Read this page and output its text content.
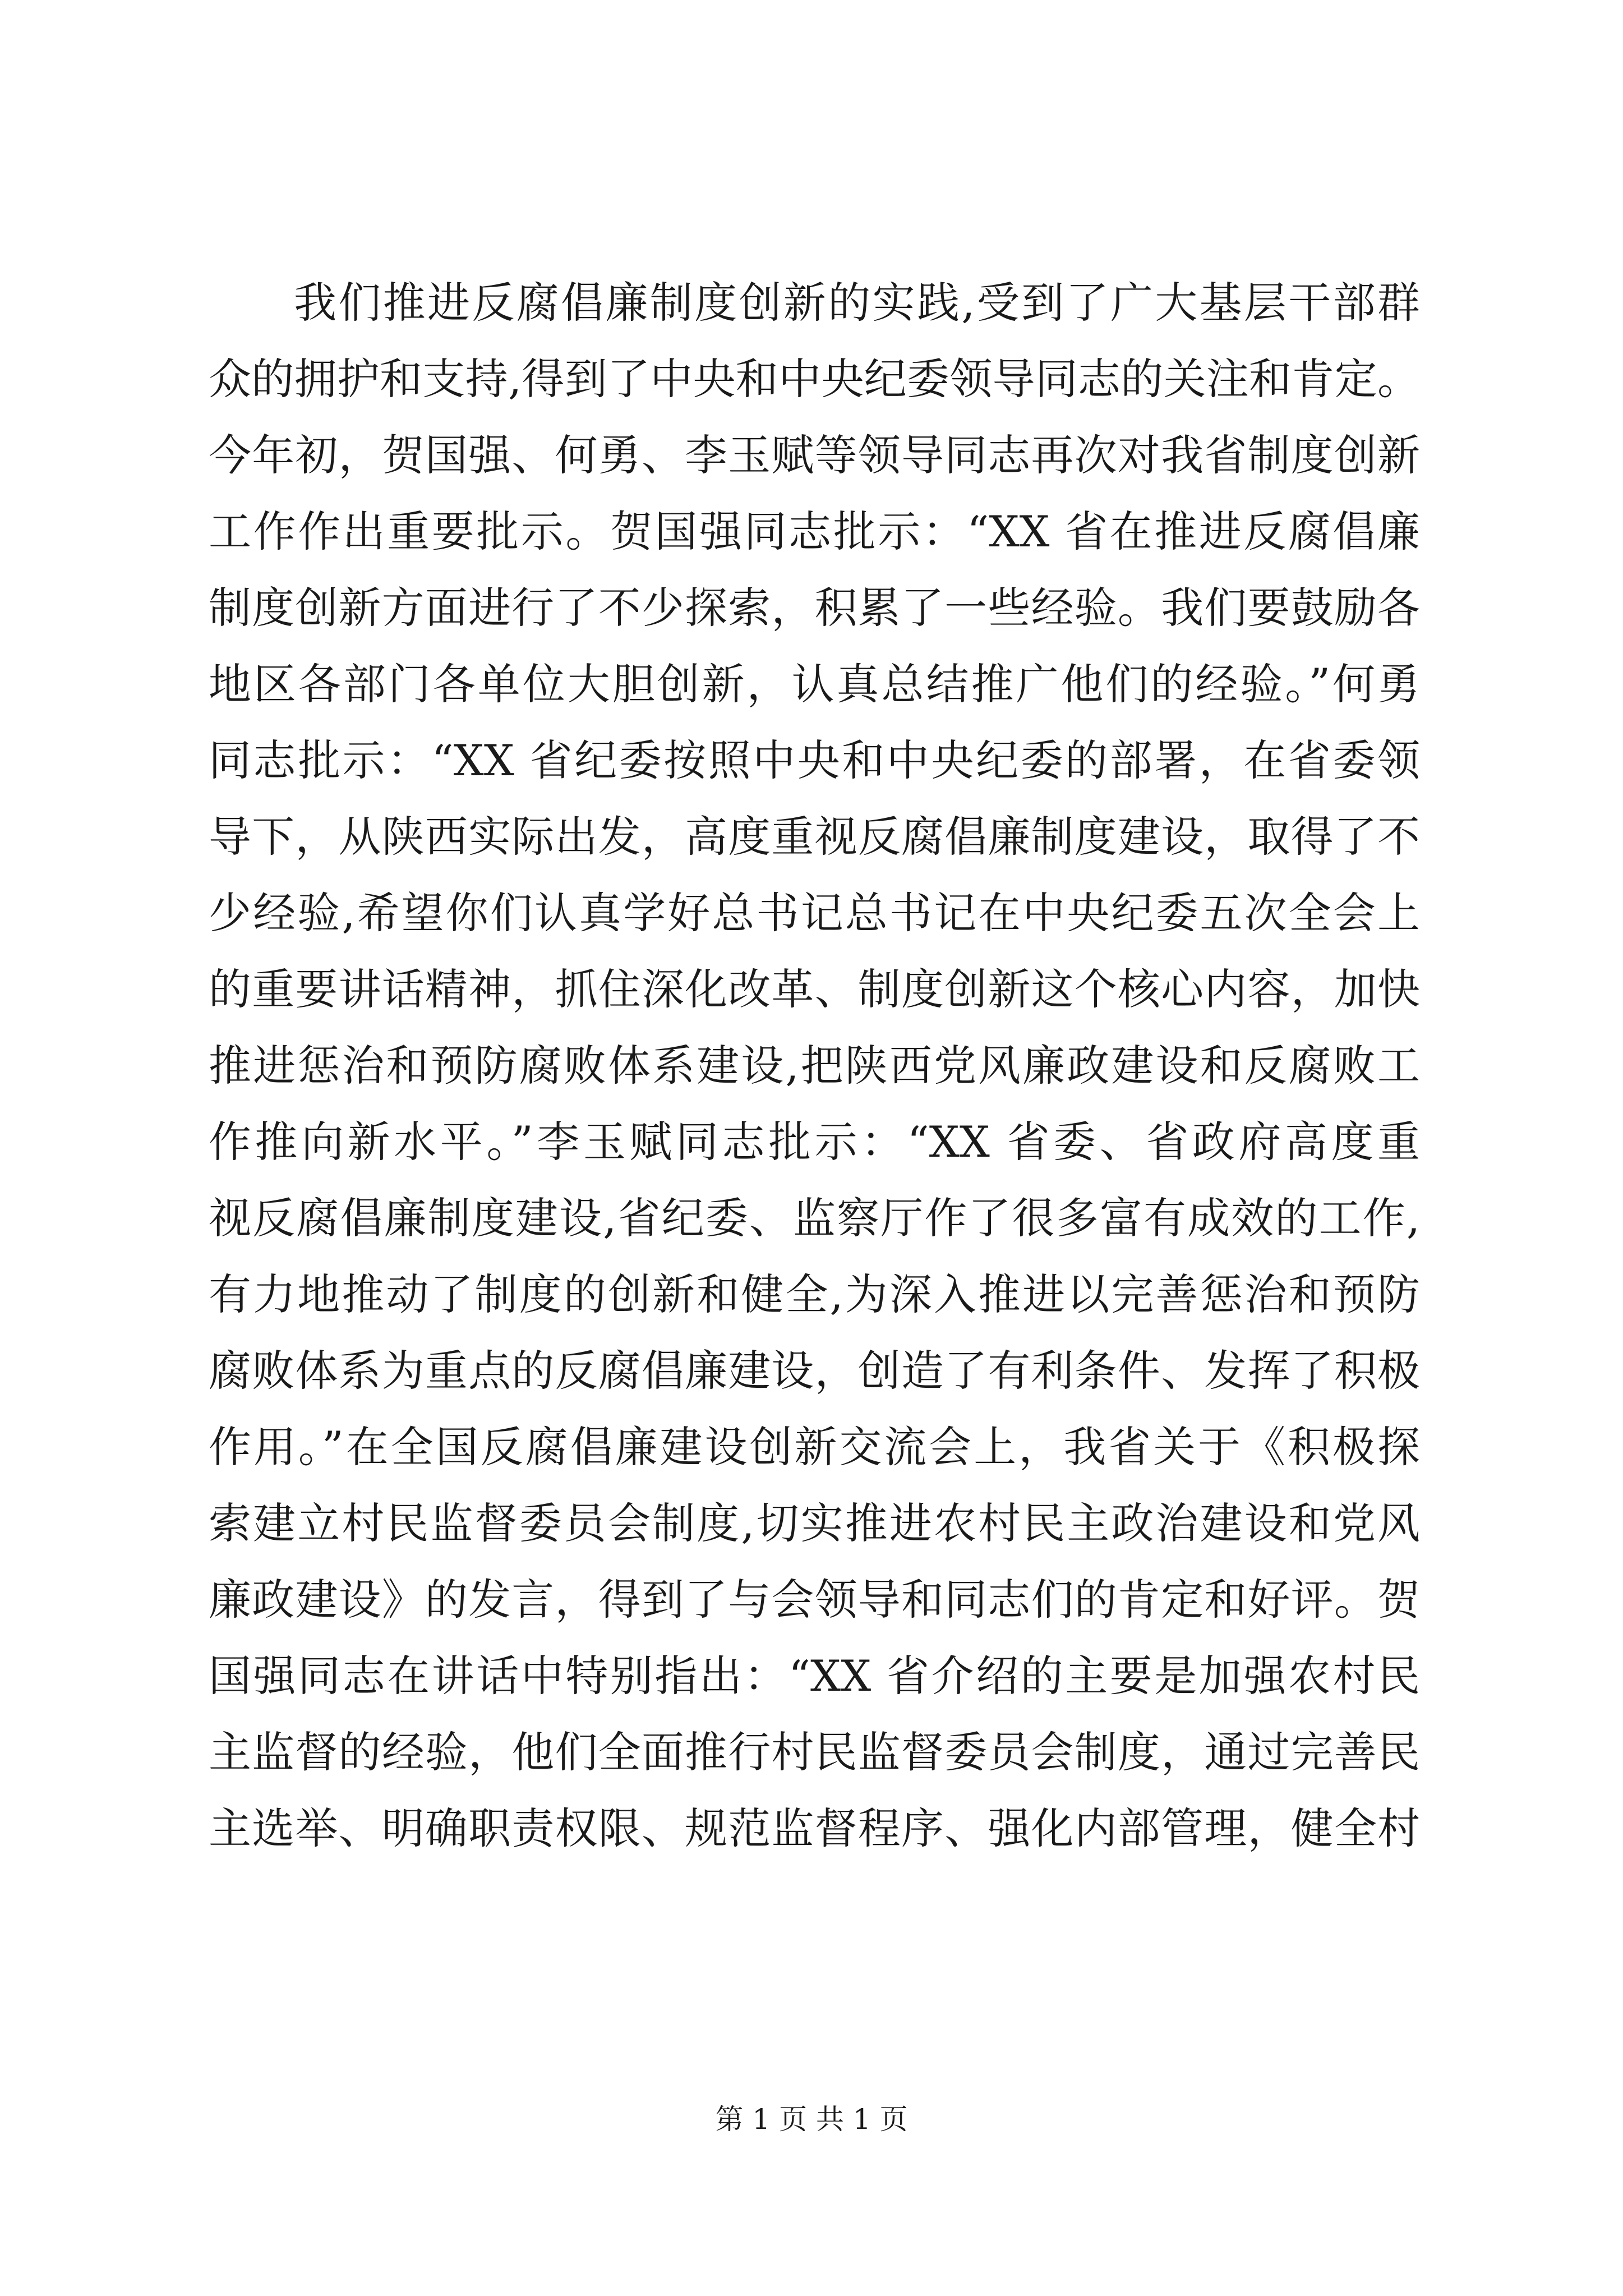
我们推进反腐倡廉制度创新的实践,受到了广大基层干部群
众的拥护和支持,得到了中央和中央纪委领导同志的关注和肯定。
今年初，贺国强、何勇、李玉赋等领导同志再次对我省制度创新
工作作出重要批示。贺国强同志批示：“XX 省在推进反腐倡廉
制度创新方面进行了不少探索，积累了一些经验。我们要鼓励各
地区各部门各单位大胆创新，认真总结推广他们的经验。”何勇
同志批示：“XX 省纪委按照中央和中央纪委的部署，在省委领
导下，从陕西实际出发，高度重视反腐倡廉制度建设，取得了不
少经验,希望你们认真学好总书记总书记在中央纪委五次全会上
的重要讲话精神，抓住深化改革、制度创新这个核心内容，加快
推进惩治和预防腐败体系建设,把陕西党风廉政建设和反腐败工
作推向新水平。”李玉赋同志批示：“XX 省委、省政府高度重
视反腐倡廉制度建设,省纪委、监察厅作了很多富有成效的工作,
有力地推动了制度的创新和健全,为深入推进以完善惩治和预防
腐败体系为重点的反腐倡廉建设，创造了有利条件、发挥了积极
作用。”在全国反腐倡廉建设创新交流会上，我省关于《积极探
索建立村民监督委员会制度,切实推进农村民主政治建设和党风
廉政建设》的发言，得到了与会领导和同志们的肯定和好评。贺
国强同志在讲话中特别指出：“XX 省介绍的主要是加强农村民
主监督的经验，他们全面推行村民监督委员会制度，通过完善民
主选举、明确职责权限、规范监督程序、强化内部管理，健全村
第 1 页 共 1 页
